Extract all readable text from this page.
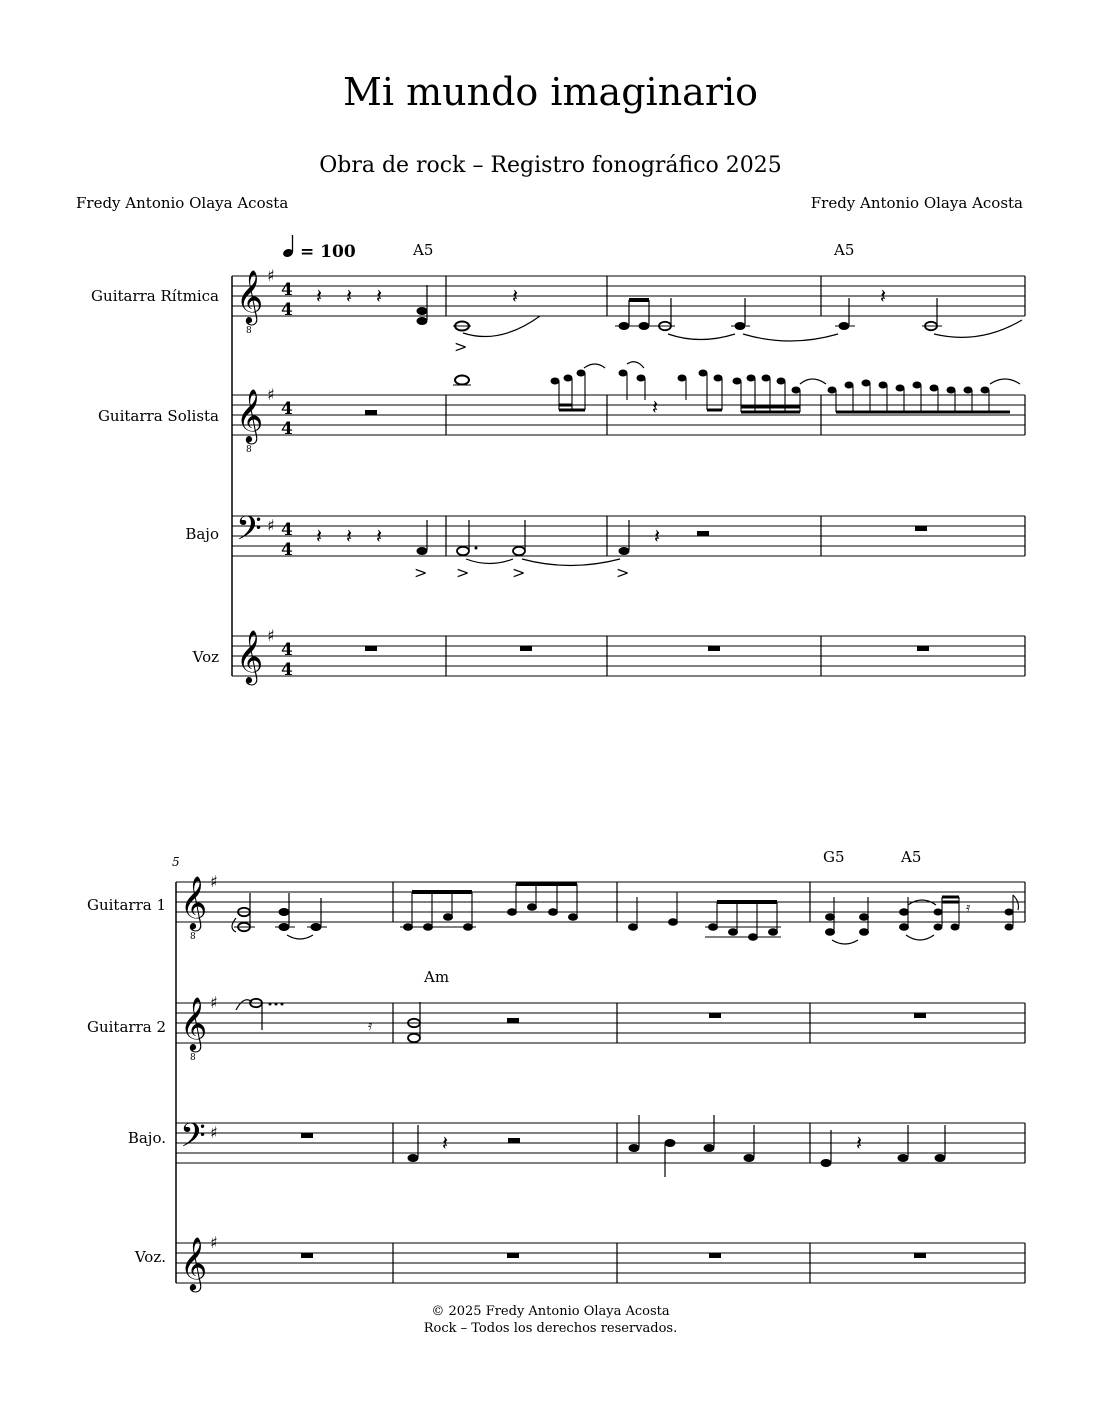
Mi mundo imaginario
Obra de rock – Registro fonográfico 2025
Fredy Antonio Olaya Acosta	Fredy Antonio Olaya Acosta
= 100	A5	A5
Guitarra Rítmica
Guitarra Solista
Bajo
Voz
𝄞
8
𝄞
8
𝄢
𝄞
♯
♯
♯
♯
4
4
4
4
4
4
4
4
𝄽 𝄽 𝄽
>
𝄽	𝄽
𝄽
𝄽 𝄽 𝄽
> >	>	>
𝄽
5	G5	A5
Am
Guitarra 1
Guitarra 2
Bajo.
Voz.
𝄞
8
𝄞
8
𝄢
𝄞
♯
♯
♯
♯
𝄿
𝄿
𝄽	𝄽
© 2025 Fredy Antonio Olaya Acosta
Rock – Todos los derechos reservados.
